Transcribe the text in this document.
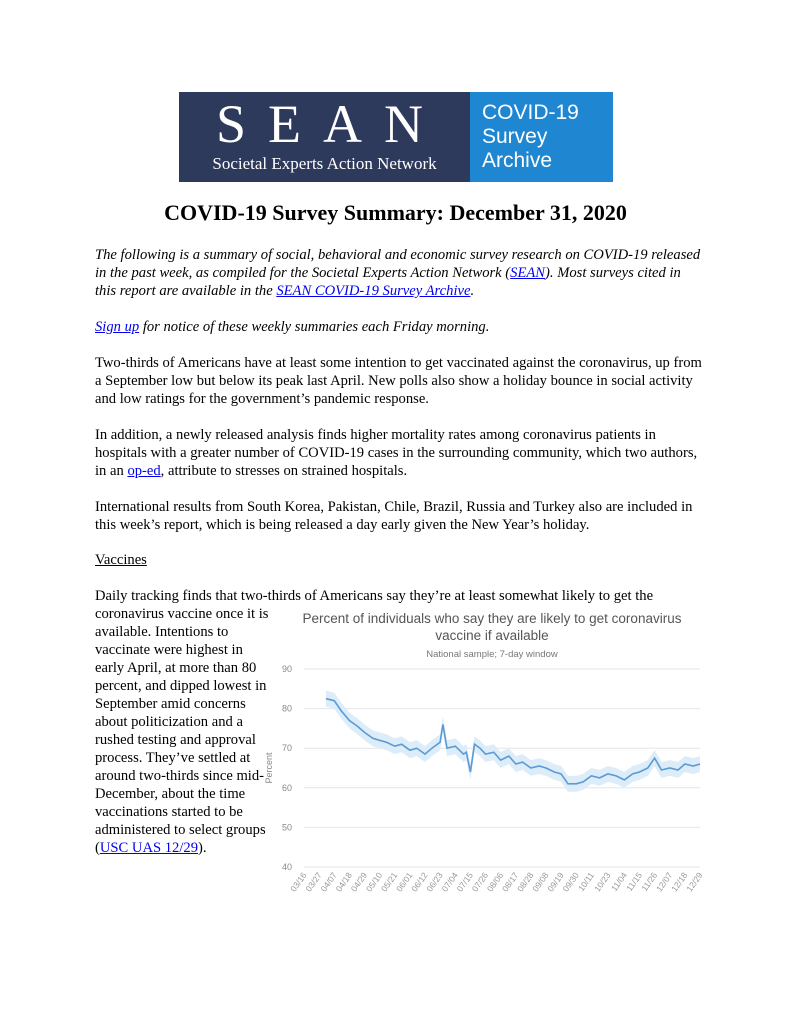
SEAN
Societal Experts Action Network
COVID-19
Survey
Archive
COVID-19 Survey Summary: December 31, 2020
The following is a summary of social, behavioral and economic survey research on COVID-19 released in the past week, as compiled for the Societal Experts Action Network (SEAN). Most surveys cited in this report are available in the SEAN COVID-19 Survey Archive.
Sign up for notice of these weekly summaries each Friday morning.
Two-thirds of Americans have at least some intention to get vaccinated against the coronavirus, up from a September low but below its peak last April. New polls also show a holiday bounce in social activity and low ratings for the government’s pandemic response.
In addition, a newly released analysis finds higher mortality rates among coronavirus patients in hospitals with a greater number of COVID-19 cases in the surrounding community, which two authors, in an op-ed, attribute to stresses on strained hospitals.
International results from South Korea, Pakistan, Chile, Brazil, Russia and Turkey also are included in this week’s report, which is being released a day early given the New Year’s holiday.
Vaccines
Daily tracking finds that two-thirds of Americans say they’re at least somewhat likely to get the
coronavirus vaccine once it is available. Intentions to vaccinate were highest in early April, at more than 80 percent, and dipped lowest in September amid concerns about politicization and a rushed testing and approval process. They’ve settled at around two-thirds since mid-December, about the time vaccinations started to be administered to select groups (USC UAS 12/29).
40
50
60
70
80
90
Percent
03/16
03/27
04/07
04/18
04/29
05/10
05/21
06/01
06/12
06/23
07/04
07/15
07/26
08/06
08/17
08/28
09/08
09/19
09/30
10/11
10/23
11/04
11/15
11/26
12/07
12/18
12/29
Percent of individuals who say they are likely to get coronavirus vaccine if available
National sample; 7-day window
